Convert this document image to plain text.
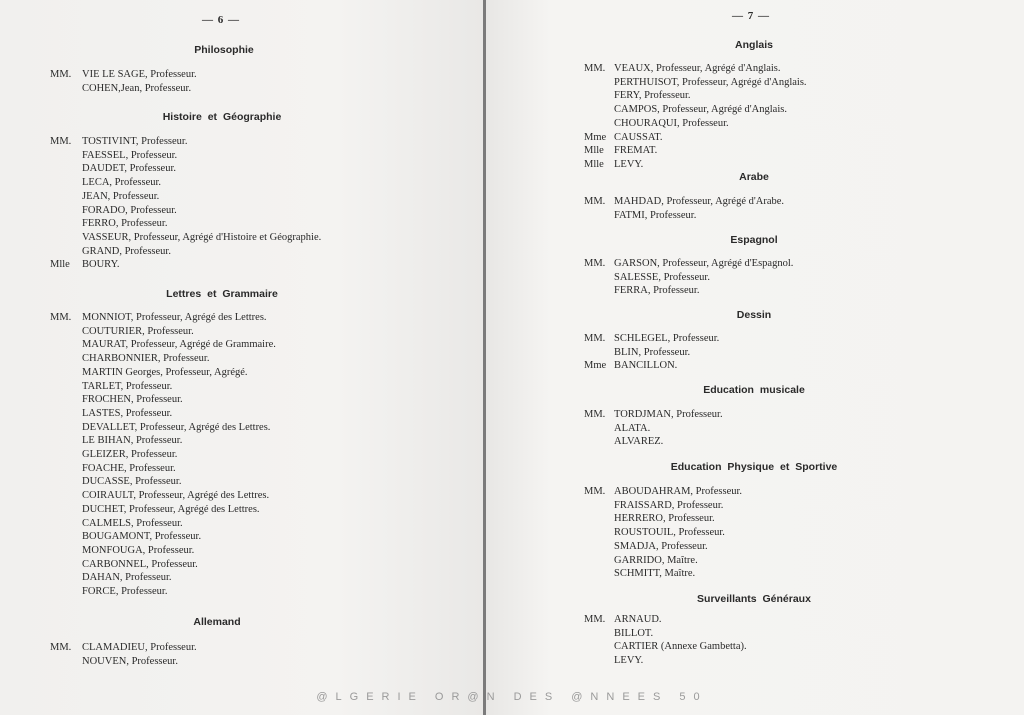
— 6 —
Philosophie
MM.	VIE LE SAGE, Professeur.
COHEN,Jean, Professeur.
Histoire et Géographie
MM.	TOSTIVINT, Professeur.
FAESSEL, Professeur.
DAUDET, Professeur.
LECA, Professeur.
JEAN, Professeur.
FORADO, Professeur.
FERRO, Professeur.
VASSEUR, Professeur, Agrégé d'Histoire et Géographie.
GRAND, Professeur.
Mlle	BOURY.
Lettres et Grammaire
MM.	MONNIOT, Professeur, Agrégé des Lettres.
COUTURIER, Professeur.
MAURAT, Professeur, Agrégé de Grammaire.
CHARBONNIER, Professeur.
MARTIN Georges, Professeur, Agrégé.
TARLET, Professeur.
FROCHEN, Professeur.
LASTES, Professeur.
DEVALLET, Professeur, Agrégé des Lettres.
LE BIHAN, Professeur.
GLEIZER, Professeur.
FOACHE, Professeur.
DUCASSE, Professeur.
COIRAULT, Professeur, Agrégé des Lettres.
DUCHET, Professeur, Agrégé des Lettres.
CALMELS, Professeur.
BOUGAMONT, Professeur.
MONFOUGA, Professeur.
CARBONNEL, Professeur.
DAHAN, Professeur.
FORCE, Professeur.
Allemand
MM.	CLAMADIEU, Professeur.
NOUVEN, Professeur.
— 7 —
Anglais
MM. VEAUX, Professeur, Agrégé d'Anglais.
PERTHUISOT, Professeur, Agrégé d'Anglais.
FERY, Professeur.
CAMPOS, Professeur, Agrégé d'Anglais.
CHOURAQUI, Professeur.
Mme CAUSSAT.
Mlle FREMAT.
Mlle LEVY.
Arabe
MM. MAHDAD, Professeur, Agrégé d'Arabe.
FATMI, Professeur.
Espagnol
MM. GARSON, Professeur, Agrégé d'Espagnol.
SALESSE, Professeur.
FERRA, Professeur.
Dessin
MM. SCHLEGEL, Professeur.
BLIN, Professeur.
Mme BANCILLON.
Education musicale
MM. TORDJMAN, Professeur.
ALATA.
ALVAREZ.
Education Physique et Sportive
MM. ABOUDAHRAM, Professeur.
FRAISSARD, Professeur.
HERRERO, Professeur.
ROUSTOUIL, Professeur.
SMADJA, Professeur.
GARRIDO, Maître.
SCHMITT, Maître.
Surveillants Généraux
MM. ARNAUD.
BILLOT.
CARTIER (Annexe Gambetta).
LEVY.
@LGERIE OR@N DES @NNEES 50
